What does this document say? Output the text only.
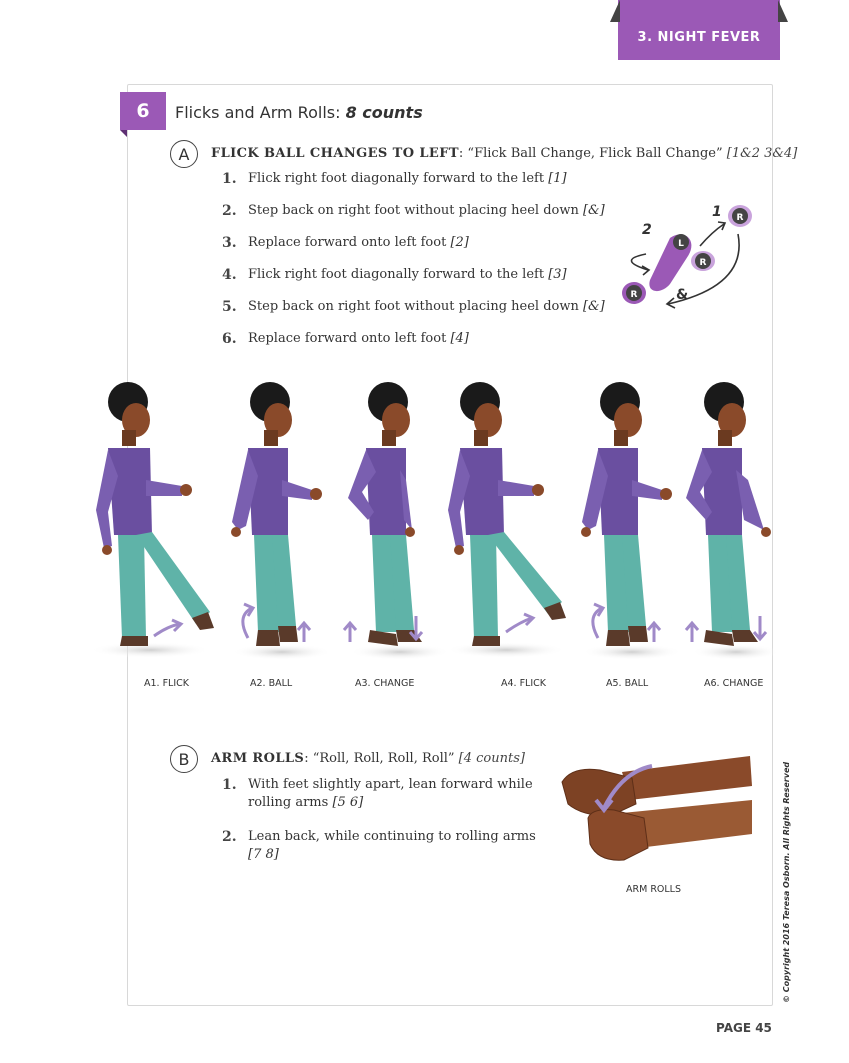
3. NIGHT FEVER
6	Flicks and Arm Rolls: 8 counts
A	FLICK BALL CHANGES TO LEFT: “Flick Ball Change, Flick Ball Change” [1&2 3&4]
1. Flick right foot diagonally forward to the left [1]
2. Step back on right foot without placing heel down [&]
3. Replace forward onto left foot [2]
4. Flick right foot diagonally forward to the left [3]
5. Step back on right foot without placing heel down [&]
6. Replace forward onto left foot [4]
1
2
&
R
L
R
R
A1. FLICK	A2. BALL	A3. CHANGE	A4. FLICK	A5. BALL	A6. CHANGE
B	ARM ROLLS: “Roll, Roll, Roll, Roll” [4 counts]
1. With feet slightly apart, lean forward while
rolling arms [5 6]
2. Lean back, while continuing to rolling arms
[7 8]
ARM ROLLS	© Copyright 2016 Teresa Osborn. All Rights Reserved
PAGE 45
